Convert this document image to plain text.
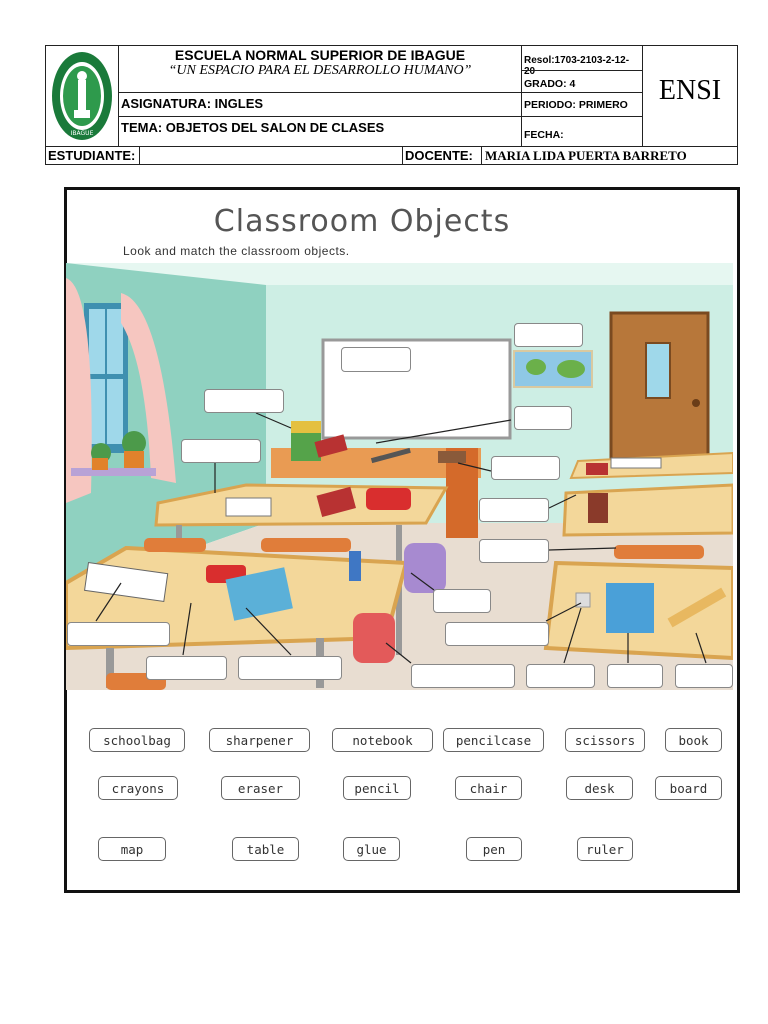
IBAGUE
ESCUELA NORMAL SUPERIOR DE IBAGUE
“UN ESPACIO PARA EL DESARROLLO HUMANO”
ASIGNATURA: INGLES
TEMA: OBJETOS DEL SALON DE CLASES
Resol:1703-2103-2-12-20
GRADO: 4
PERIODO: PRIMERO
FECHA:
ENSI
ESTUDIANTE:	DOCENTE: MARIA LIDA PUERTA BARRETO
Classroom Objects
Look and match the classroom objects.
schoolbag	sharpener	notebook	pencilcase	scissors	book
crayons	eraser	pencil	chair	desk	board
map	table	glue	pen	ruler
